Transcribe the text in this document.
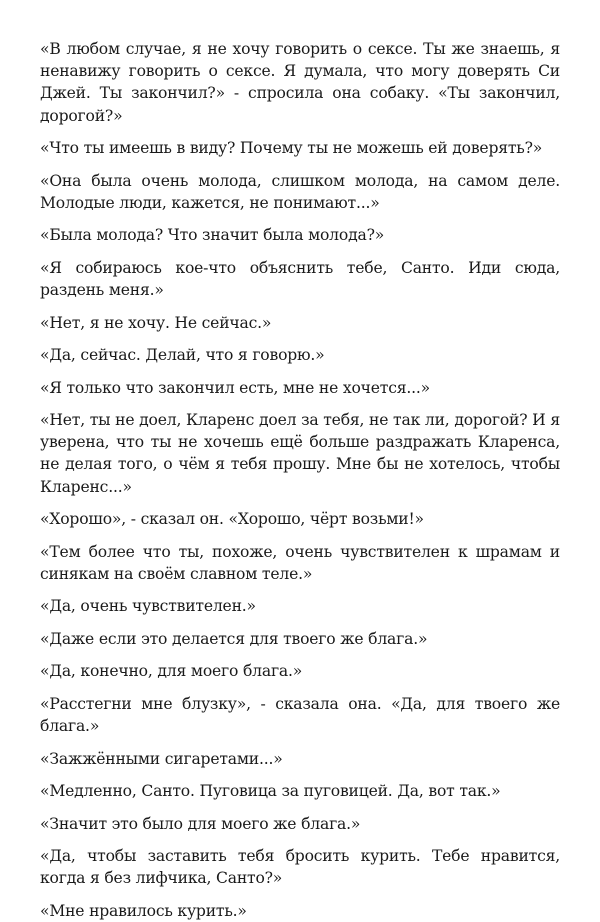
«В любом случае, я не хочу говорить о сексе. Ты же знаешь, я ненавижу говорить о сексе. Я думала, что могу доверять Си Джей. Ты закончил?» - спросила она собаку. «Ты закончил, дорогой?»

«Что ты имеешь в виду? Почему ты не можешь ей доверять?»

«Она была очень молода, слишком молода, на самом деле. Молодые люди, кажется, не понимают...»

«Была молода? Что значит была молода?»

«Я собираюсь кое-что объяснить тебе, Санто. Иди сюда, раздень меня.»

«Нет, я не хочу. Не сейчас.»

«Да, сейчас. Делай, что я говорю.»

«Я только что закончил есть, мне не хочется...»

«Нет, ты не доел, Кларенс доел за тебя, не так ли, дорогой? И я уверена, что ты не хочешь ещё больше раздражать Кларенса, не делая того, о чём я тебя прошу. Мне бы не хотелось, чтобы Кларенс...»

«Хорошо», - сказал он. «Хорошо, чёрт возьми!»

«Тем более что ты, похоже, очень чувствителен к шрамам и синякам на своём славном теле.»

«Да, очень чувствителен.»

«Даже если это делается для твоего же блага.»

«Да, конечно, для моего блага.»

«Расстегни мне блузку», - сказала она. «Да, для твоего же блага.»

«Зажжёнными сигаретами...»

«Медленно, Санто. Пуговица за пуговицей. Да, вот так.»

«Значит это было для моего же блага.»

«Да, чтобы заставить тебя бросить курить. Тебе нравится, когда я без лифчика, Санто?»

«Мне нравилось курить.»
